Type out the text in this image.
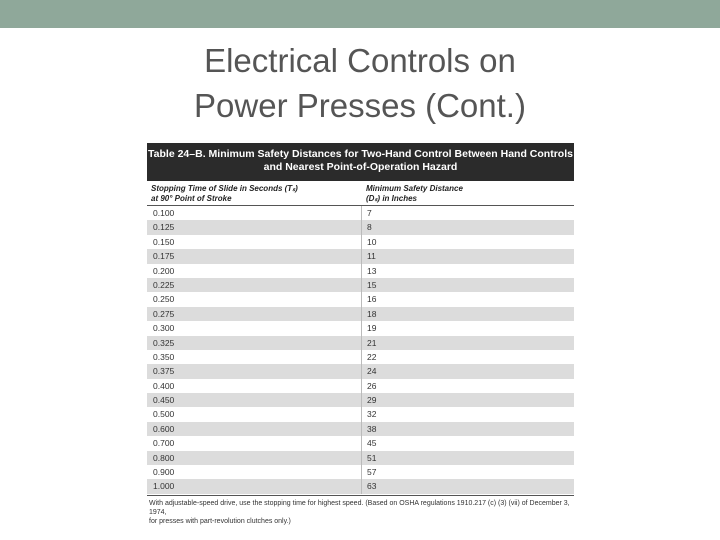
Electrical Controls on
Power Presses (Cont.)
Table 24–B. Minimum Safety Distances for Two-Hand Control Between Hand Controls
and Nearest Point-of-Operation Hazard
Stopping Time of Slide in Seconds (Tₛ)
at 90° Point of Stroke
Minimum Safety Distance
(Dₛ) in Inches
0.100	7
0.125	8
0.150	10
0.175	11
0.200	13
0.225	15
0.250	16
0.275	18
0.300	19
0.325	21
0.350	22
0.375	24
0.400	26
0.450	29
0.500	32
0.600	38
0.700	45
0.800	51
0.900	57
1.000	63
With adjustable-speed drive, use the stopping time for highest speed. (Based on OSHA regulations 1910.217 (c) (3) (vii) of December 3, 1974,
for presses with part-revolution clutches only.)
